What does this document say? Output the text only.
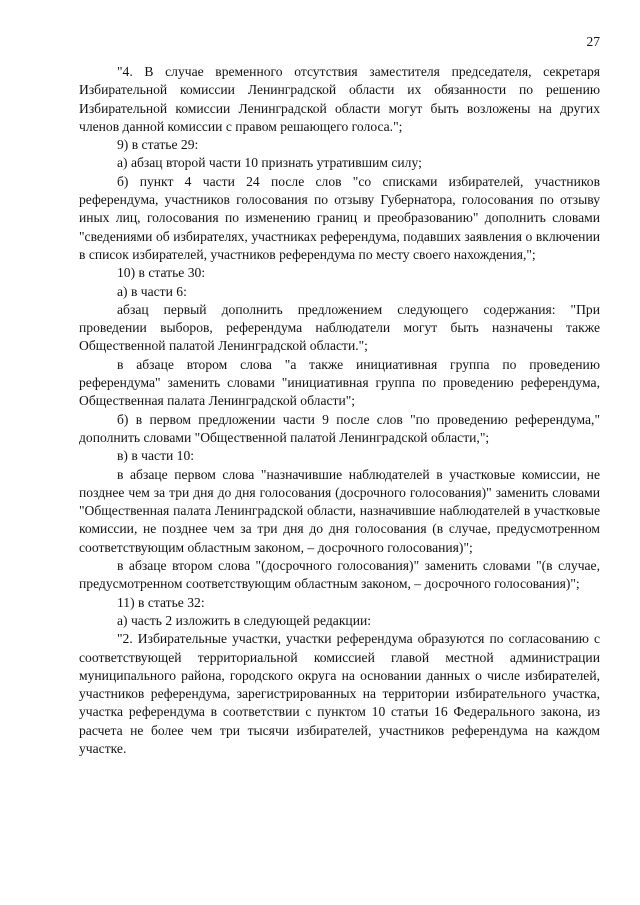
27

"4. В случае временного отсутствия заместителя председателя, секретаря Избирательной комиссии Ленинградской области их обязанности по решению Избирательной комиссии Ленинградской области могут быть возложены на других членов данной комиссии с правом решающего голоса.";

9) в статье 29:

а) абзац второй части 10 признать утратившим силу;

б) пункт 4 части 24 после слов "со списками избирателей, участников референдума, участников голосования по отзыву Губернатора, голосования по отзыву иных лиц, голосования по изменению границ и преобразованию" дополнить словами "сведениями об избирателях, участниках референдума, подавших заявления о включении в список избирателей, участников референдума по месту своего нахождения,";

10) в статье 30:

а) в части 6:

абзац первый дополнить предложением следующего содержания: "При проведении выборов, референдума наблюдатели могут быть назначены также Общественной палатой Ленинградской области.";

в абзаце втором слова "а также инициативная группа по проведению референдума" заменить словами "инициативная группа по проведению референдума, Общественная палата Ленинградской области";

б) в первом предложении части 9 после слов "по проведению референдума," дополнить словами "Общественной палатой Ленинградской области,";

в) в части 10:

в абзаце первом слова "назначившие наблюдателей в участковые комиссии, не позднее чем за три дня до дня голосования (досрочного голосования)" заменить словами "Общественная палата Ленинградской области, назначившие наблюдателей в участковые комиссии, не позднее чем за три дня до дня голосования (в случае, предусмотренном соответствующим областным законом, – досрочного голосования)";

в абзаце втором слова "(досрочного голосования)" заменить словами "(в случае, предусмотренном соответствующим областным законом, – досрочного голосования)";

11) в статье 32:

а) часть 2 изложить в следующей редакции:

"2. Избирательные участки, участки референдума образуются по согласованию с соответствующей территориальной комиссией главой местной администрации муниципального района, городского округа на основании данных о числе избирателей, участников референдума, зарегистрированных на территории избирательного участка, участка референдума в соответствии с пунктом 10 статьи 16 Федерального закона, из расчета не более чем три тысячи избирателей, участников референдума на каждом участке.
